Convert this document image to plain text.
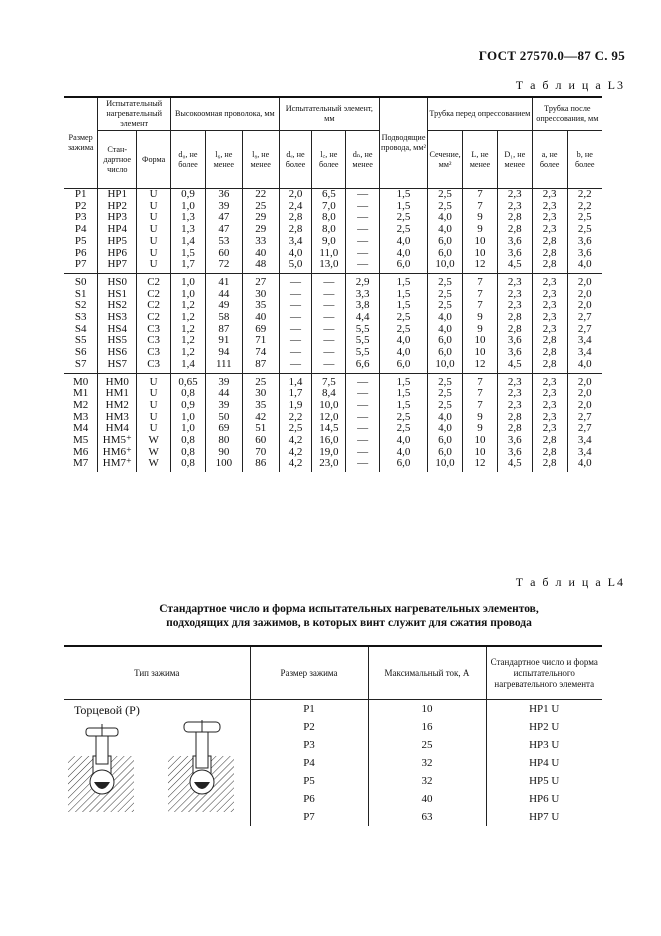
ГОСТ 27570.0—87 С. 95
Т а б л и ц а L3
Размер зажима	Испытательный нагревательный элемент		Высокоомная проволока, мм			Испытательный элемент, мм			Подводящие провода, мм²	Трубка перед опрессованием			Трубка после опрессования, мм	
	Стан-дартное число	Форма	d₀, не более	l₆, не менее	l₈, не менее	dₑ, не более	l꜀, не более	dₙ, не менее		Сечение, мм²	L, не менее	D₁, не менее	a, не более	b, не более
P1	HP1	U	0,9	36	22	2,0	6,5	—	1,5	2,5	7	2,3	2,3	2,2
P2	HP2	U	1,0	39	25	2,4	7,0	—	1,5	2,5	7	2,3	2,3	2,2
P3	HP3	U	1,3	47	29	2,8	8,0	—	2,5	4,0	9	2,8	2,3	2,5
P4	HP4	U	1,3	47	29	2,8	8,0	—	2,5	4,0	9	2,8	2,3	2,5
P5	HP5	U	1,4	53	33	3,4	9,0	—	4,0	6,0	10	3,6	2,8	3,6
P6	HP6	U	1,5	60	40	4,0	11,0	—	4,0	6,0	10	3,6	2,8	3,6
P7	HP7	U	1,7	72	48	5,0	13,0	—	6,0	10,0	12	4,5	2,8	4,0
S0	HS0	C2	1,0	41	27	—	—	2,9	1,5	2,5	7	2,3	2,3	2,0
S1	HS1	C2	1,0	44	30	—	—	3,3	1,5	2,5	7	2,3	2,3	2,0
S2	HS2	C2	1,2	49	35	—	—	3,8	1,5	2,5	7	2,3	2,3	2,0
S3	HS3	C2	1,2	58	40	—	—	4,4	2,5	4,0	9	2,8	2,3	2,7
S4	HS4	C3	1,2	87	69	—	—	5,5	2,5	4,0	9	2,8	2,3	2,7
S5	HS5	C3	1,2	91	71	—	—	5,5	4,0	6,0	10	3,6	2,8	3,4
S6	HS6	C3	1,2	94	74	—	—	5,5	4,0	6,0	10	3,6	2,8	3,4
S7	HS7	C3	1,4	111	87	—	—	6,6	6,0	10,0	12	4,5	2,8	4,0
M0	HM0	U	0,65	39	25	1,4	7,5	—	1,5	2,5	7	2,3	2,3	2,0
M1	HM1	U	0,8	44	30	1,7	8,4	—	1,5	2,5	7	2,3	2,3	2,0
M2	HM2	U	0,9	39	35	1,9	10,0	—	1,5	2,5	7	2,3	2,3	2,0
M3	HM3	U	1,0	50	42	2,2	12,0	—	2,5	4,0	9	2,8	2,3	2,7
M4	HM4	U	1,0	69	51	2,5	14,5	—	2,5	4,0	9	2,8	2,3	2,7
M5	HM5⁺	W	0,8	80	60	4,2	16,0	—	4,0	6,0	10	3,6	2,8	3,4
M6	HM6⁺	W	0,8	90	70	4,2	19,0	—	4,0	6,0	10	3,6	2,8	3,4
M7	HM7⁺	W	0,8	100	86	4,2	23,0	—	6,0	10,0	12	4,5	2,8	4,0
Т а б л и ц а L4
Стандартное число и форма испытательных нагревательных элементов,
подходящих для зажимов, в которых винт служит для сжатия провода
Тип зажима	Размер зажима	Максимальный ток, А	Стандартное число и форма испытательного нагревательного элемента

Торцевой (P)	P1	10	HP1 U
	P2	16	HP2 U
	P3	25	HP3 U
	P4	32	HP4 U
	P5	32	HP5 U
	P6	40	HP6 U
	P7	63	HP7 U
